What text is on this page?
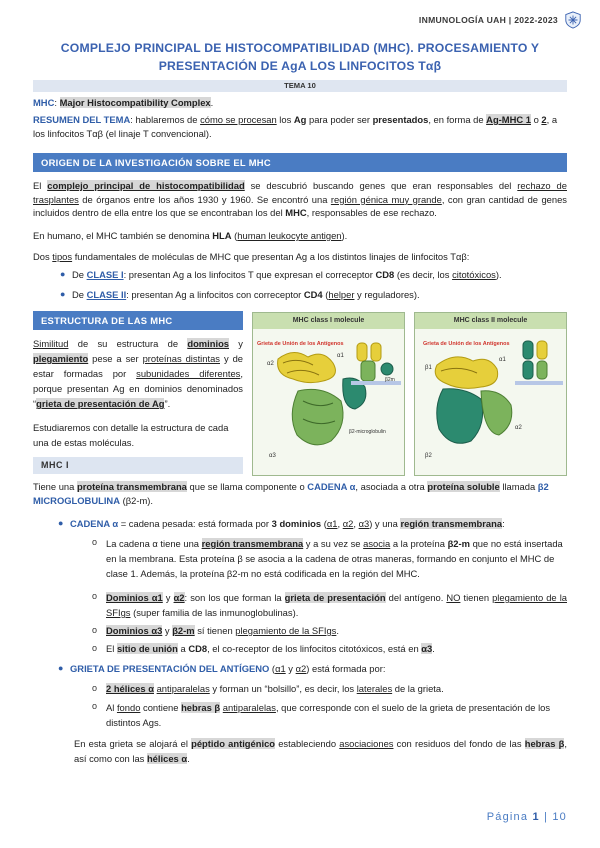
INMUNOLOGÍA UAH | 2022-2023
COMPLEJO PRINCIPAL DE HISTOCOMPATIBILIDAD (MHC). PROCESAMIENTO Y
PRESENTACIÓN DE AgA LOS LINFOCITOS Tαβ
TEMA 10
MHC: Major Histocompatibility Complex.
RESUMEN DEL TEMA: hablaremos de cómo se procesan los Ag para poder ser presentados, en forma de Ag-MHC 1 o 2, a los linfocitos Tαβ (el linaje T convencional).
ORIGEN DE LA INVESTIGACIÓN SOBRE EL MHC
El complejo principal de histocompatibilidad se descubrió buscando genes que eran responsables del rechazo de trasplantes de órganos entre los años 1930 y 1960. Se encontró una región génica muy grande, con gran cantidad de genes incluidos dentro de ella entre los que se encontraban los del MHC, responsables de ese rechazo.
En humano, el MHC también se denomina HLA (human leukocyte antigen).
Dos tipos fundamentales de moléculas de MHC que presentan Ag a los distintos linajes de linfocitos Tαβ:
● De CLASE I: presentan Ag a los linfocitos T que expresan el correceptor CD8 (es decir, los citotóxicos).
● De CLASE II: presentan Ag a linfocitos con correceptor CD4 (helper y reguladores).
ESTRUCTURA DE LAS MHC
Similitud de su estructura de dominios y plegamiento pese a ser proteínas distintas y de estar formadas por subunidades diferentes, porque presentan Ag en dominios denominados “grieta de presentación de Ag”.
Estudiaremos con detalle la estructura de cada una de estas moléculas.
MHC I
MHC class I molecule
Grieta de Unión de los Antígenos
α2
α1
α3
β2-microglobulin
β2m
MHC class II molecule
Grieta de Unión de los Antígenos
β1
α1
β2
α2
Tiene una proteína transmembrana que se llama componente o CADENA α, asociada a otra proteína soluble llamada β2 MICROGLOBULINA (β2-m).
● CADENA α = cadena pesada: está formada por 3 dominios (α1, α2, α3) y una región transmembrana:
o La cadena α tiene una región transmembrana y a su vez se asocia a la proteína β2-m que no está insertada en la membrana. Esta proteína β se asocia a la cadena de otras maneras, formando en conjunto el MHC de clase 1. Además, la proteína β2-m no está codificada en la región del MHC.
o Dominios α1 y α2: son los que forman la grieta de presentación del antígeno. NO tienen plegamiento de la SFIgs (super familia de las inmunoglobulinas).
o Dominios α3 y β2-m sí tienen plegamiento de la SFIgs.
o El sitio de unión a CD8, el co-receptor de los linfocitos citotóxicos, está en α3.
● GRIETA DE PRESENTACIÓN DEL ANTÍGENO (α1 y α2) está formada por:
o 2 hélices α antiparalelas y forman un “bolsillo”, es decir, los laterales de la grieta.
o Al fondo contiene hebras β antiparalelas, que corresponde con el suelo de la grieta de presentación de los distintos Ags.
En esta grieta se alojará el péptido antigénico estableciendo asociaciones con residuos del fondo de las hebras β, así como con las hélices α.
Página 1 | 10
